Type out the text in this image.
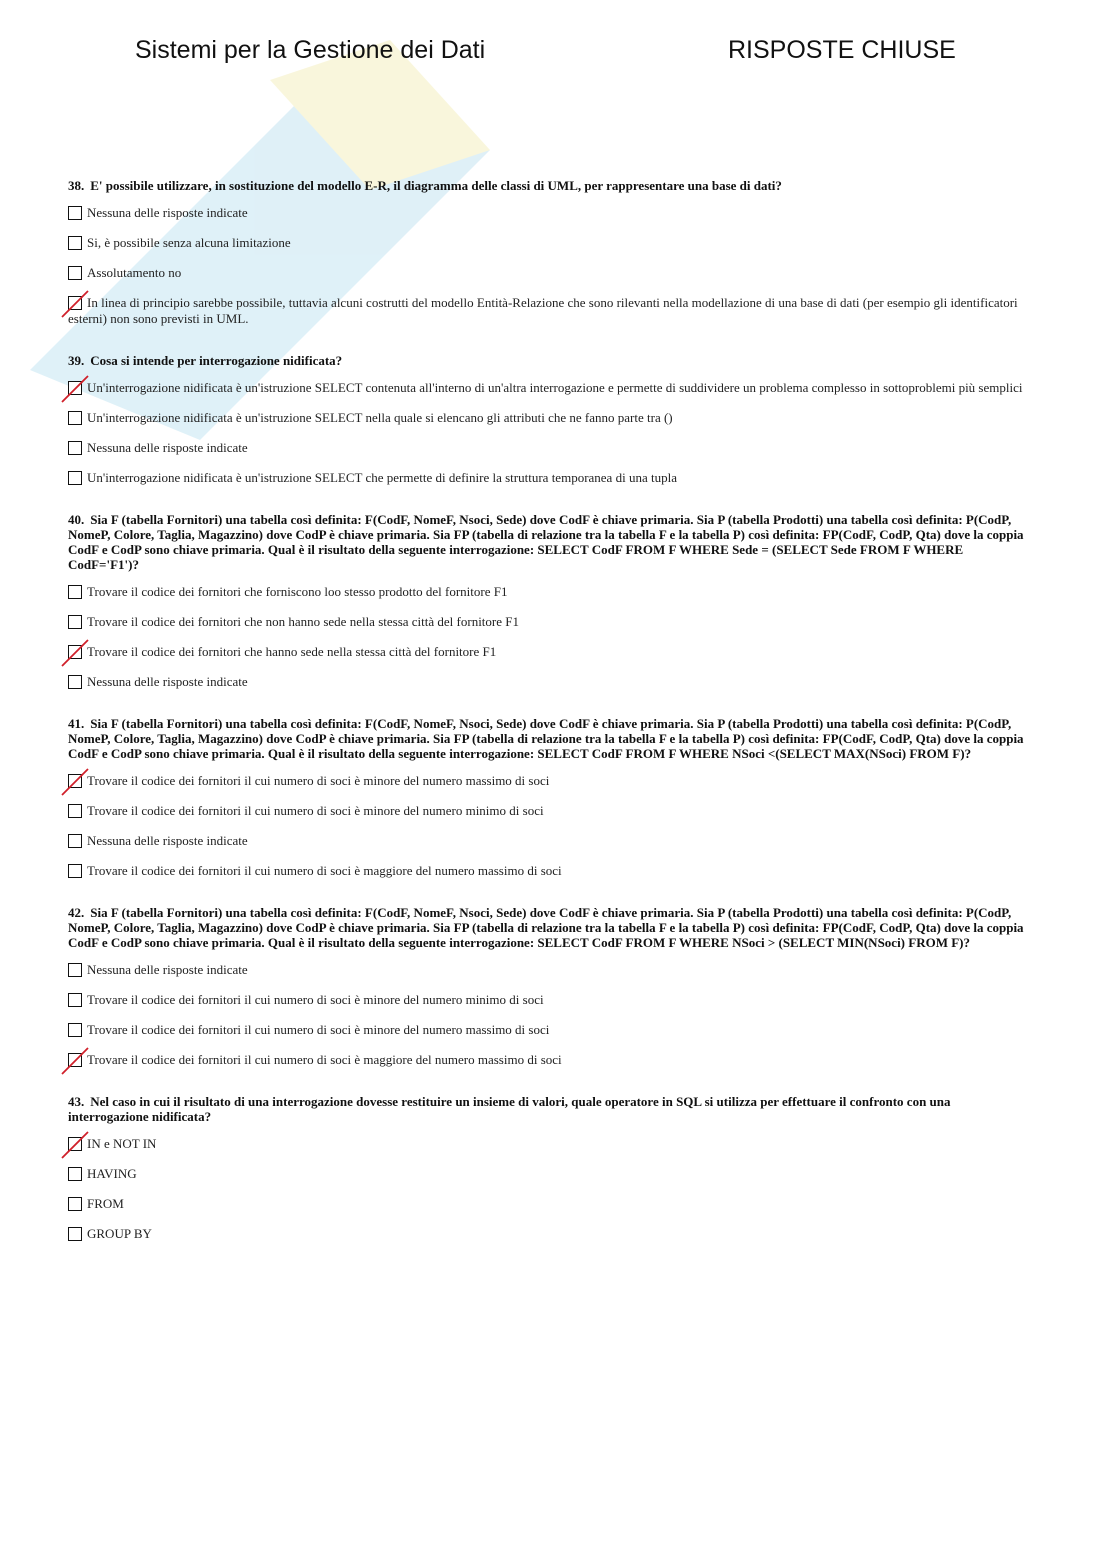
Sistemi per la Gestione dei Dati	RISPOSTE CHIUSE
38. E' possibile utilizzare, in sostituzione del modello E-R, il diagramma delle classi di UML, per rappresentare una base di dati?
Nessuna delle risposte indicate
Si, è possibile senza alcuna limitazione
Assolutamento no
In linea di principio sarebbe possibile, tuttavia alcuni costrutti del modello Entità-Relazione che sono rilevanti nella modellazione di una base di dati (per esempio gli identificatori esterni) non sono previsti in UML.
39. Cosa si intende per interrogazione nidificata?
Un'interrogazione nidificata è un'istruzione SELECT contenuta all'interno di un'altra interrogazione e permette di suddividere un problema complesso in sottoproblemi più semplici
Un'interrogazione nidificata è un'istruzione SELECT nella quale si elencano gli attributi che ne fanno parte tra ()
Nessuna delle risposte indicate
Un'interrogazione nidificata è un'istruzione SELECT che permette di definire la struttura temporanea di una tupla
40. Sia F (tabella Fornitori) una tabella così definita: F(CodF, NomeF, Nsoci, Sede) dove CodF è chiave primaria. Sia P (tabella Prodotti) una tabella così definita: P(CodP, NomeP, Colore, Taglia, Magazzino) dove CodP è chiave primaria. Sia FP (tabella di relazione tra la tabella F e la tabella P) così definita: FP(CodF, CodP, Qta) dove la coppia CodF e CodP sono chiave primaria. Qual è il risultato della seguente interrogazione: SELECT CodF FROM F WHERE Sede = (SELECT Sede FROM F WHERE CodF='F1')?
Trovare il codice dei fornitori che forniscono loo stesso prodotto del fornitore F1
Trovare il codice dei fornitori che non hanno sede nella stessa città del fornitore F1
Trovare il codice dei fornitori che hanno sede nella stessa città del fornitore F1
Nessuna delle risposte indicate
41. Sia F (tabella Fornitori) una tabella così definita: F(CodF, NomeF, Nsoci, Sede) dove CodF è chiave primaria. Sia P (tabella Prodotti) una tabella così definita: P(CodP, NomeP, Colore, Taglia, Magazzino) dove CodP è chiave primaria. Sia FP (tabella di relazione tra la tabella F e la tabella P) così definita: FP(CodF, CodP, Qta) dove la coppia CodF e CodP sono chiave primaria. Qual è il risultato della seguente interrogazione: SELECT CodF FROM F WHERE NSoci <(SELECT MAX(NSoci) FROM F)?
Trovare il codice dei fornitori il cui numero di soci è minore del numero massimo di soci
Trovare il codice dei fornitori il cui numero di soci è minore del numero minimo di soci
Nessuna delle risposte indicate
Trovare il codice dei fornitori il cui numero di soci è maggiore del numero massimo di soci
42. Sia F (tabella Fornitori) una tabella così definita: F(CodF, NomeF, Nsoci, Sede) dove CodF è chiave primaria. Sia P (tabella Prodotti) una tabella così definita: P(CodP, NomeP, Colore, Taglia, Magazzino) dove CodP è chiave primaria. Sia FP (tabella di relazione tra la tabella F e la tabella P) così definita: FP(CodF, CodP, Qta) dove la coppia CodF e CodP sono chiave primaria. Qual è il risultato della seguente interrogazione: SELECT CodF FROM F WHERE NSoci > (SELECT MIN(NSoci) FROM F)?
Nessuna delle risposte indicate
Trovare il codice dei fornitori il cui numero di soci è minore del numero minimo di soci
Trovare il codice dei fornitori il cui numero di soci è minore del numero massimo di soci
Trovare il codice dei fornitori il cui numero di soci è maggiore del numero massimo di soci
43. Nel caso in cui il risultato di una interrogazione dovesse restituire un insieme di valori, quale operatore in SQL si utilizza per effettuare il confronto con una interrogazione nidificata?
IN e NOT IN
HAVING
FROM
GROUP BY
